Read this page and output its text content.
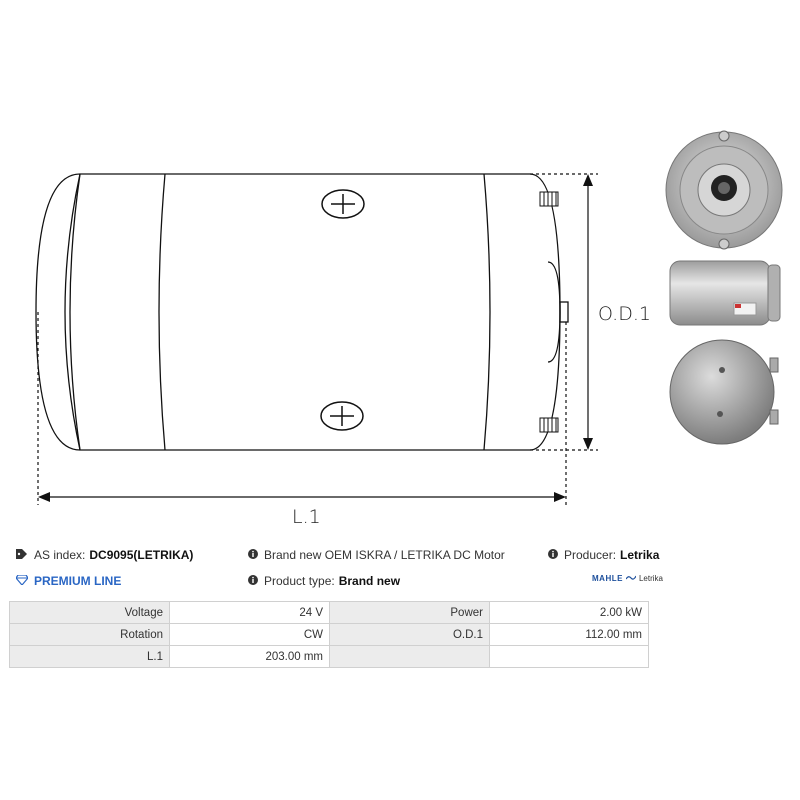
O.D.1
L.1
AS index: DC9095(LETRIKA)	Brand new OEM ISKRA / LETRIKA DC Motor	Producer: Letrika
PREMIUM LINE	Product type: Brand new	MAHLE Letrika
Voltage	24 V	Power	2.00 kW
Rotation	CW	O.D.1	112.00 mm
L.1	203.00 mm		
